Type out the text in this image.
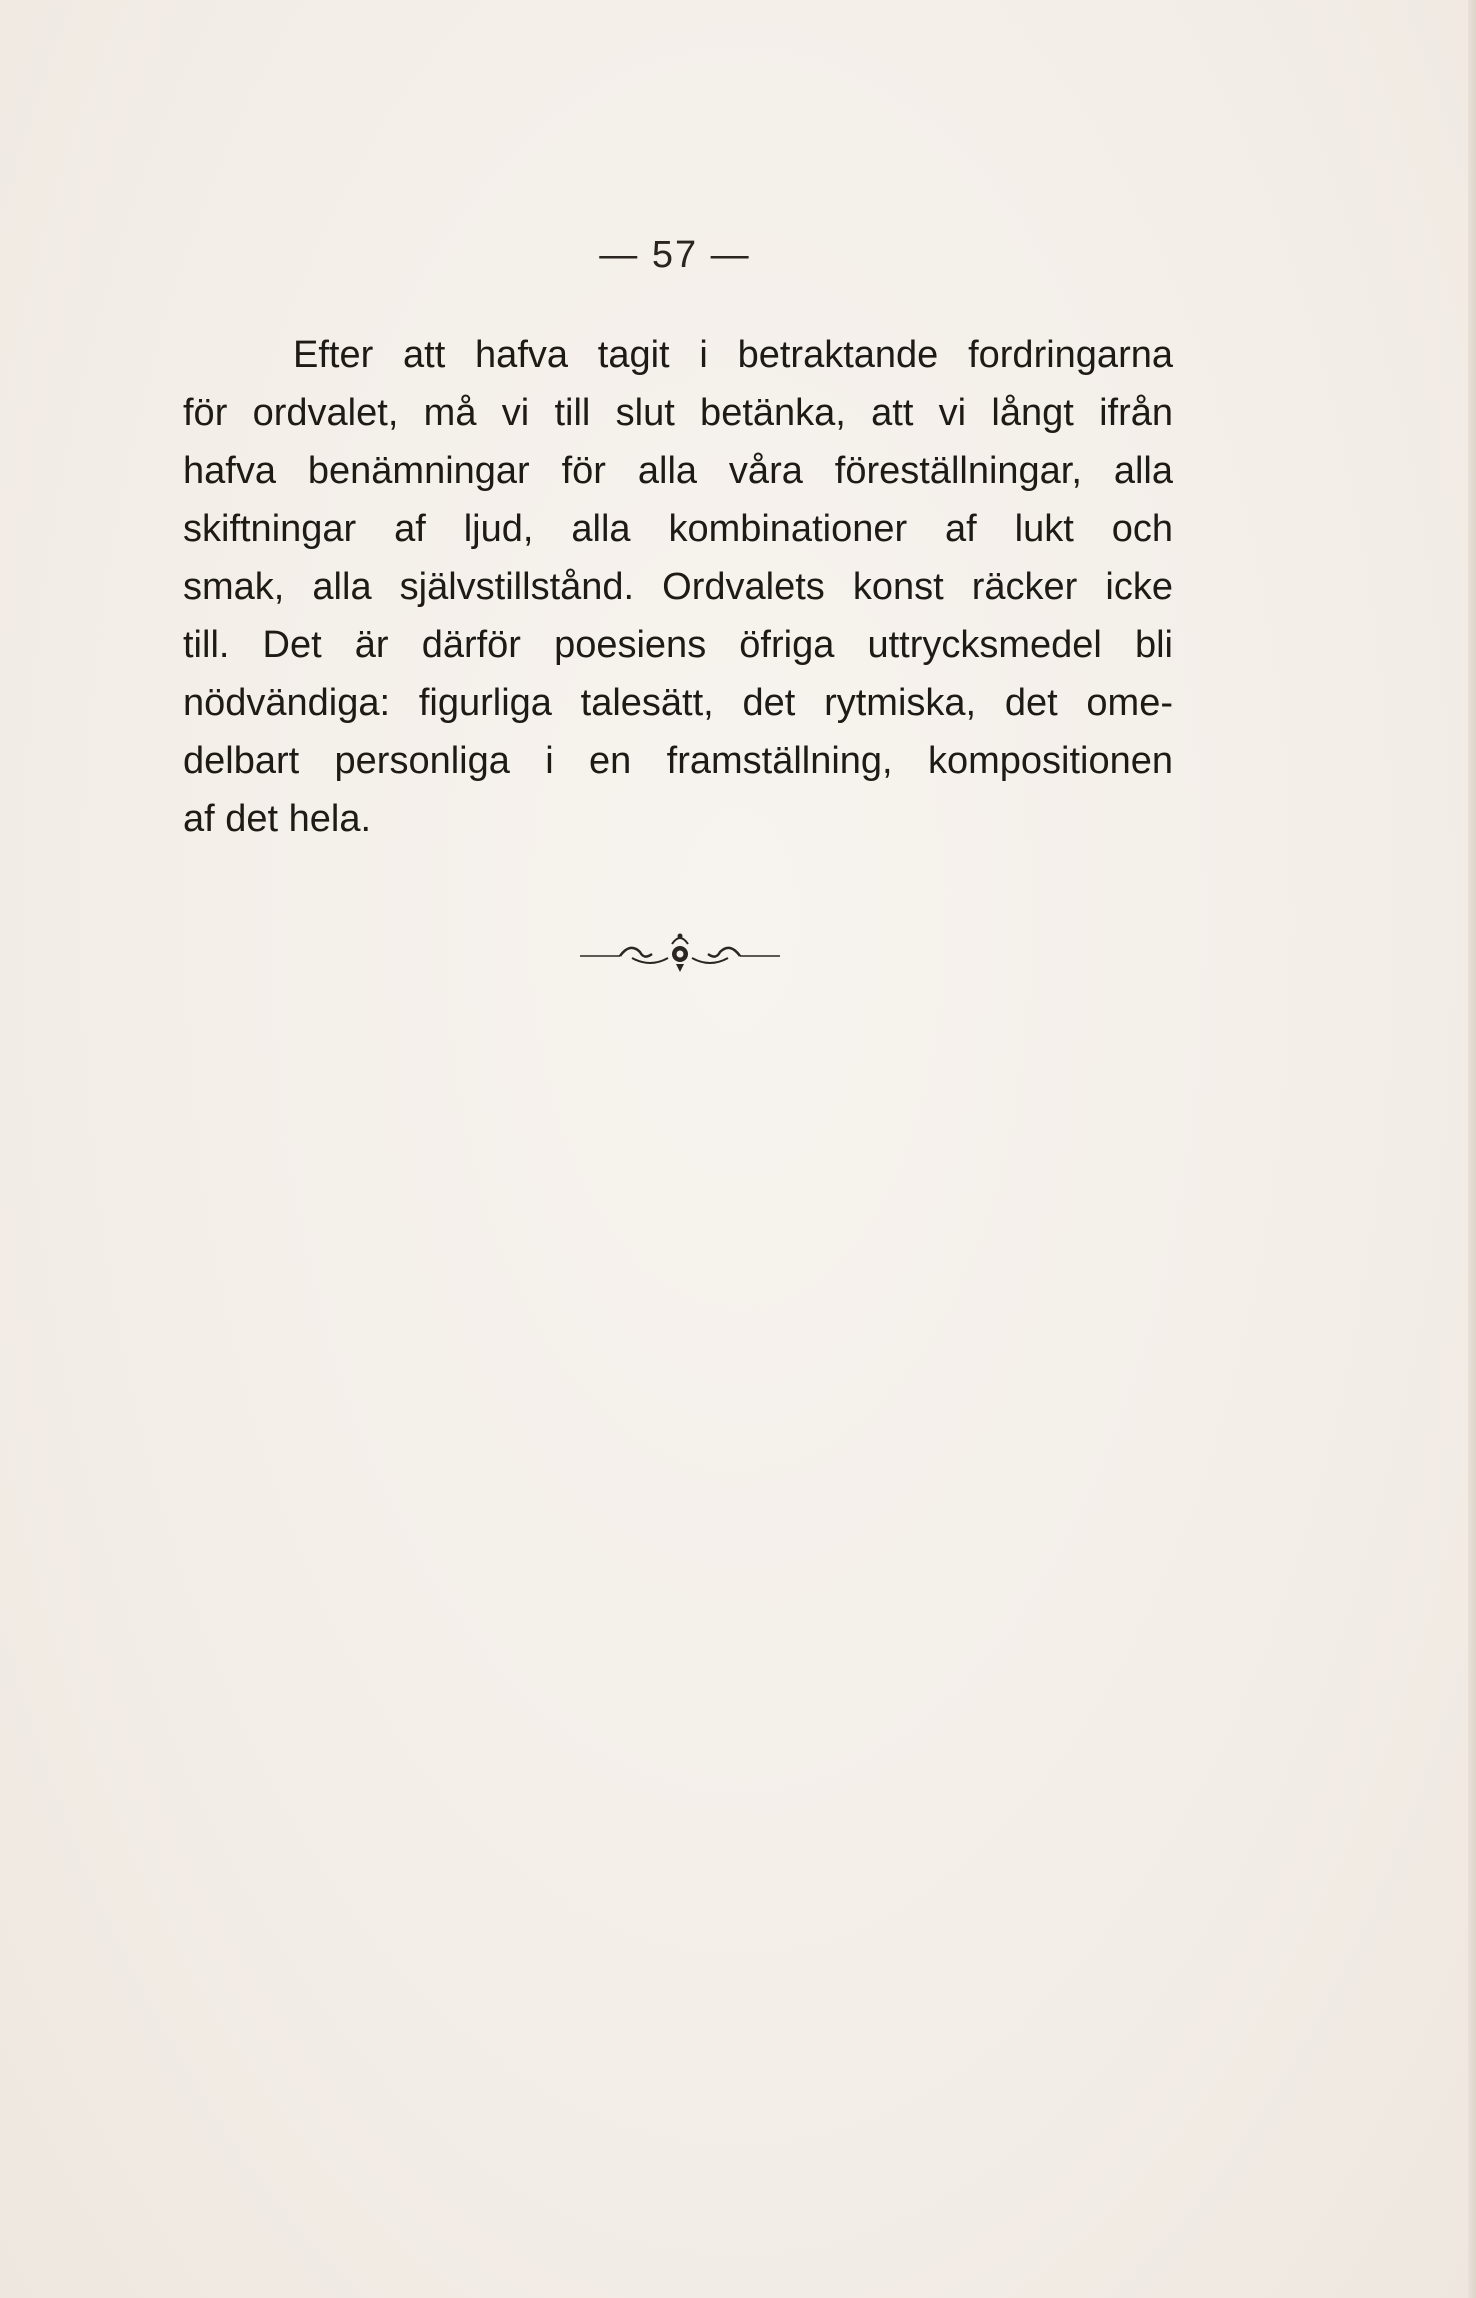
— 57 —
Efter att hafva tagit i betraktande fordringarna
för ordvalet, må vi till slut betänka, att vi långt ifrån
hafva benämningar för alla våra föreställningar, alla
skiftningar af ljud, alla kombinationer af lukt och
smak, alla självstillstånd. Ordvalets konst räcker icke
till. Det är därför poesiens öfriga uttrycksmedel bli
nödvändiga: figurliga talesätt, det rytmiska, det ome-
delbart personliga i en framställning, kompositionen
af det hela.
